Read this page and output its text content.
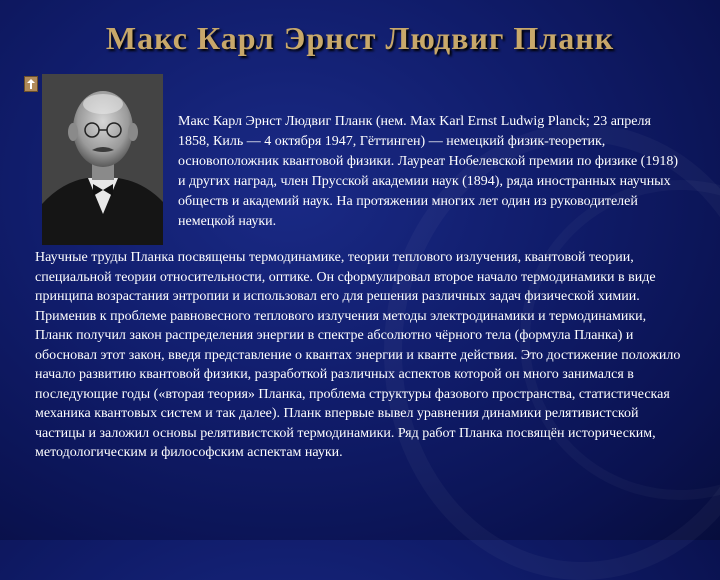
Макс Карл Эрнст Людвиг Планк
Макс Карл Эрнст Людвиг Планк (нем. Max Karl Ernst Ludwig Planck; 23 апреля 1858, Киль — 4 октября 1947, Гёттинген) — немецкий физик-теоретик, основоположник квантовой физики. Лауреат Нобелевской премии по физике (1918) и других наград, член Прусской академии наук (1894), ряда иностранных научных обществ и академий наук. На протяжении многих лет один из руководителей немецкой науки.
Научные труды Планка посвящены термодинамике, теории теплового излучения, квантовой теории, специальной теории относительности, оптике. Он сформулировал второе начало термодинамики в виде принципа возрастания энтропии и использовал его для решения различных задач физической химии. Применив к проблеме равновесного теплового излучения методы электродинамики и термодинамики, Планк получил закон распределения энергии в спектре абсолютно чёрного тела (формула Планка) и обосновал этот закон, введя представление о квантах энергии и кванте действия. Это достижение положило начало развитию квантовой физики, разработкой различных аспектов которой он много занимался в последующие годы («вторая теория» Планка, проблема структуры фазового пространства, статистическая механика квантовых систем и так далее). Планк впервые вывел уравнения динамики релятивистской частицы и заложил основы релятивистской термодинамики. Ряд работ Планка посвящён историческим, методологическим и философским аспектам науки.
